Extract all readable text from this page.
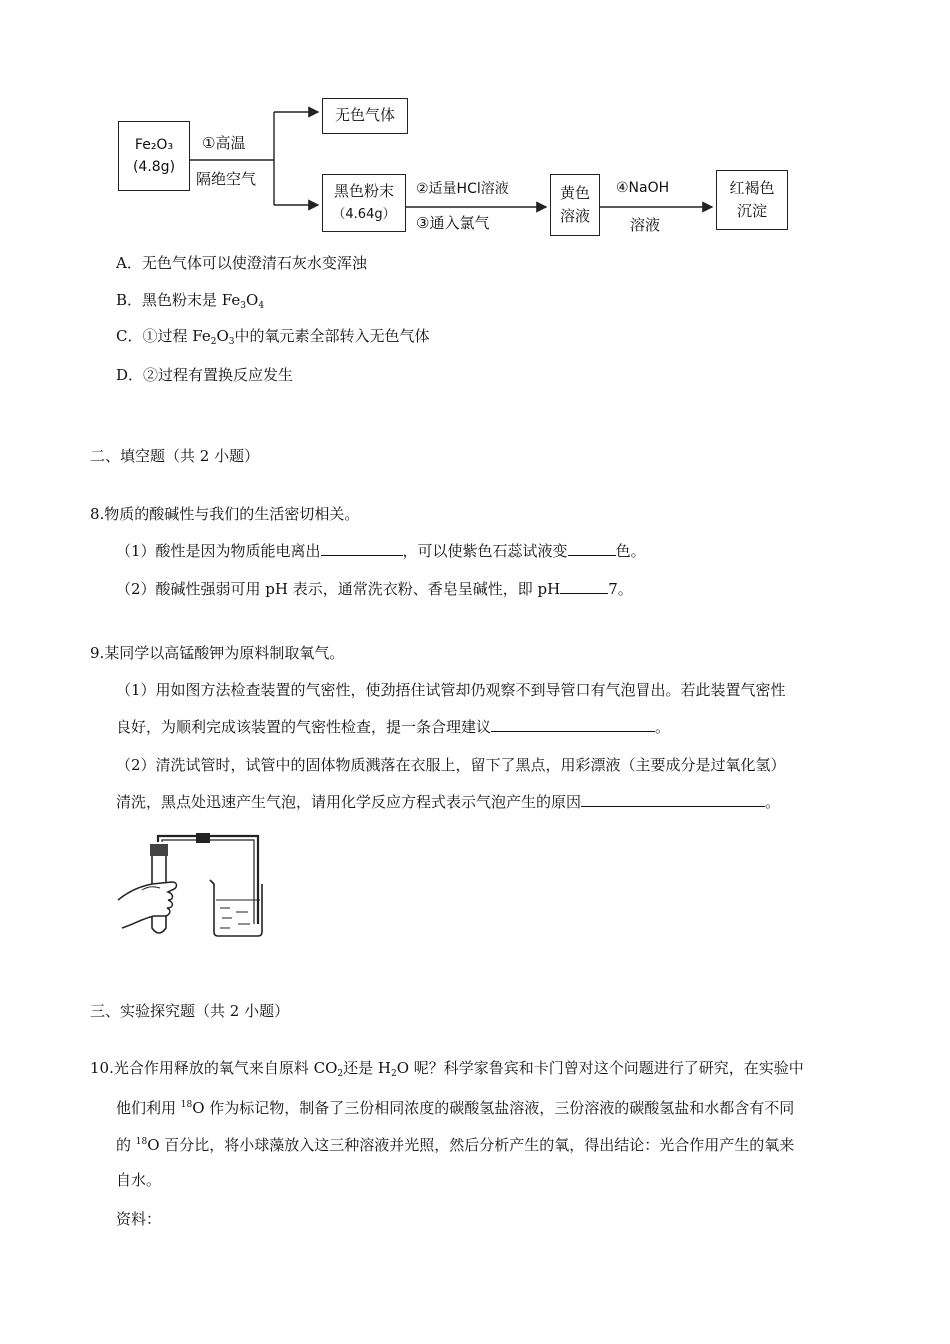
Fe₂O₃
(4.8g)
①高温
隔绝空气
无色气体
黑色粉末
（4.64g）
②适量HCl溶液
③通入氯气
黄色
溶液
④NaOH
溶液
红褐色
沉淀
A．无色气体可以使澄清石灰水变浑浊
B．黑色粉末是 $Fe_3O_4$
C．①过程 $Fe_2O_3$中的氧元素全部转入无色气体
D．②过程有置换反应发生
二、填空题（共 2 小题）
8.物质的酸碱性与我们的生活密切相关。
（1）酸性是因为物质能电离出	，可以使紫色石蕊试液变	色。
（2）酸碱性强弱可用 pH 表示，通常洗衣粉、香皂呈碱性，即 pH	7。
9.某同学以高锰酸钾为原料制取氧气。
（1）用如图方法检查装置的气密性，使劲捂住试管却仍观察不到导管口有气泡冒出。若此装置气密性
良好，为顺利完成该装置的气密性检查，提一条合理建议	。
（2）清洗试管时，试管中的固体物质溅落在衣服上，留下了黑点，用彩漂液（主要成分是过氧化氢）
清洗，黑点处迅速产生气泡，请用化学反应方程式表示气泡产生的原因	。
三、实验探究题（共 2 小题）
10.光合作用释放的氧气来自原料 $CO_2$还是 $H_2O$ 呢？科学家鲁宾和卡门曾对这个问题进行了研究，在实验中
他们利用 $^{18}$O 作为标记物，制备了三份相同浓度的碳酸氢盐溶液，三份溶液的碳酸氢盐和水都含有不同
的 $^{18}$O 百分比，将小球藻放入这三种溶液并光照，然后分析产生的氧，得出结论：光合作用产生的氧来
自水。
资料：
